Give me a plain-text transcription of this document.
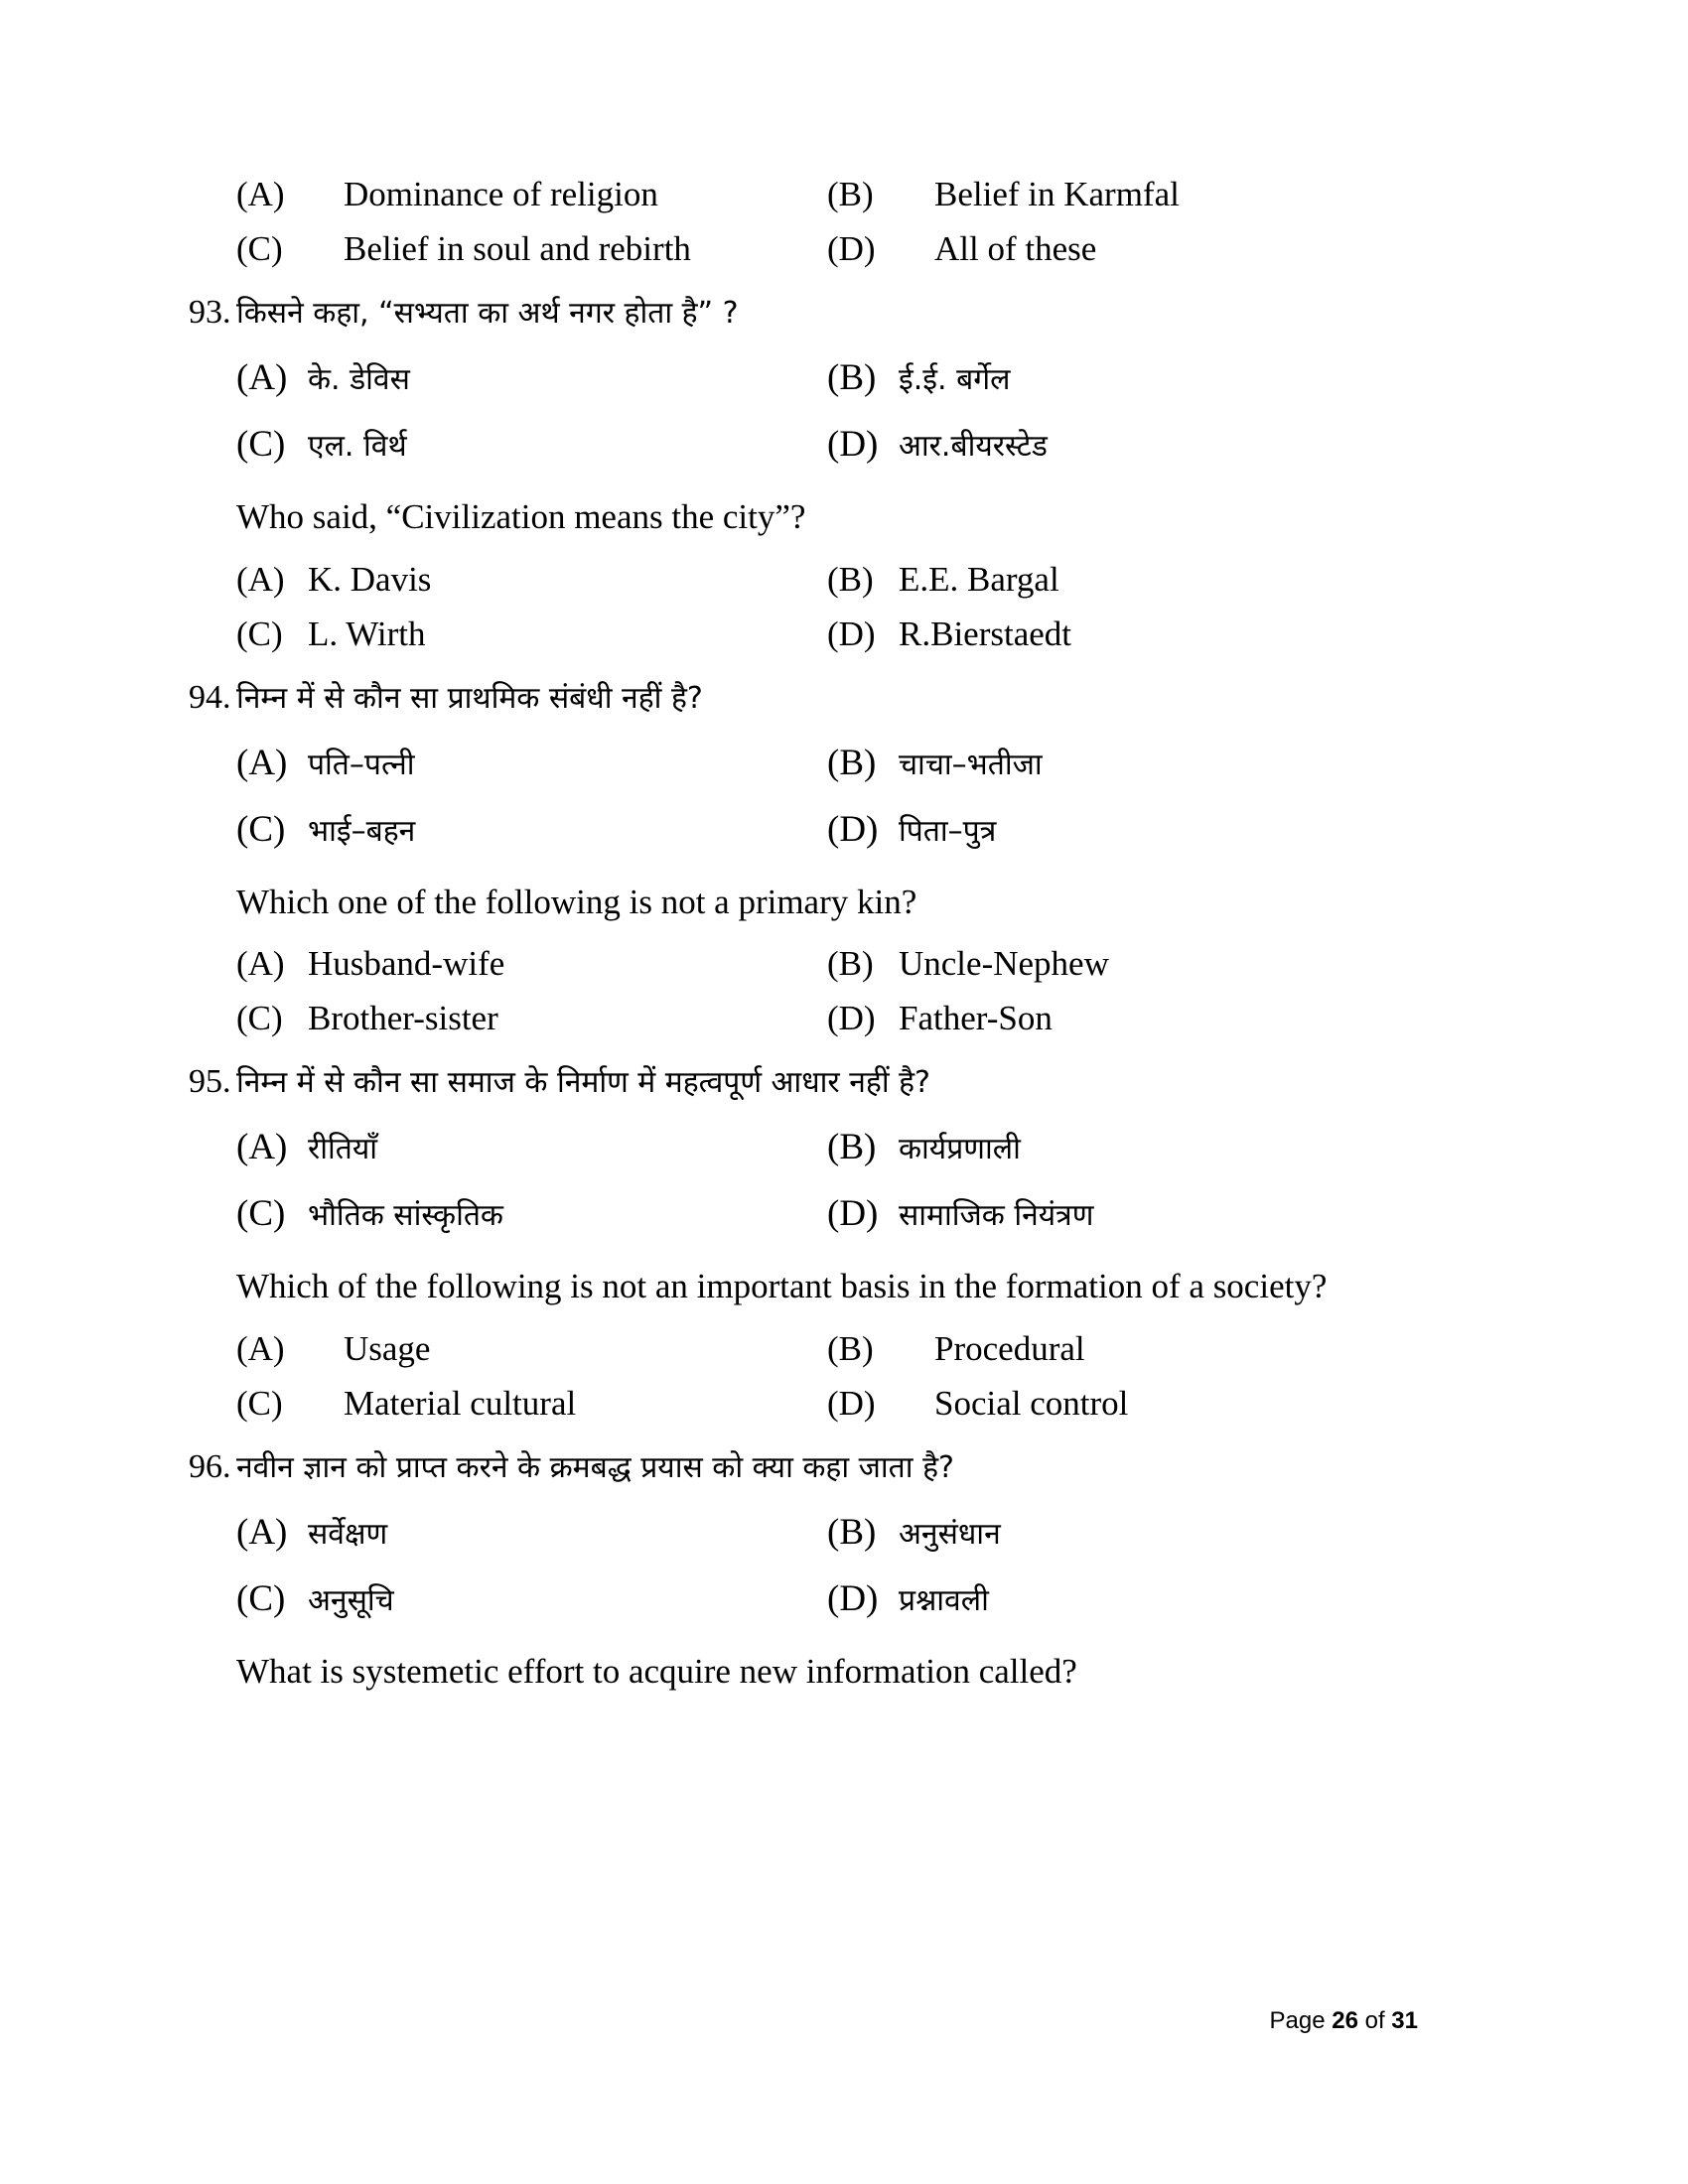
(A)	Dominance of religion	(B)	Belief in Karmfal
(C)	Belief in soul and rebirth	(D)	All of these
93. किसने कहा, “सभ्यता का अर्थ नगर होता है” ?
(A) के. डेविस	(B) ई.ई. बर्गेल
(C) एल. विर्थ	(D) आर.बीयरस्टेड
Who said, “Civilization means the city”?
(A) K. Davis	(B) E.E. Bargal
(C) L. Wirth	(D) R.Bierstaedt
94. निम्न में से कौन सा प्राथमिक संबंधी नहीं है?
(A) पति–पत्नी	(B) चाचा–भतीजा
(C) भाई–बहन	(D) पिता–पुत्र
Which one of the following is not a primary kin?
(A) Husband-wife	(B) Uncle-Nephew
(C) Brother-sister	(D) Father-Son
95. निम्न में से कौन सा समाज के निर्माण में महत्वपूर्ण आधार नहीं है?
(A) रीतियाँ	(B) कार्यप्रणाली
(C) भौतिक सांस्कृतिक	(D) सामाजिक नियंत्रण
Which of the following is not an important basis in the formation of a society?
(A)	Usage	(B)	Procedural
(C)	Material cultural	(D)	Social control
96. नवीन ज्ञान को प्राप्त करने के क्रमबद्ध प्रयास को क्या कहा जाता है?
(A) सर्वेक्षण	(B) अनुसंधान
(C) अनुसूचि	(D) प्रश्नावली
What is systemetic effort to acquire new information called?
Page 26 of 31
